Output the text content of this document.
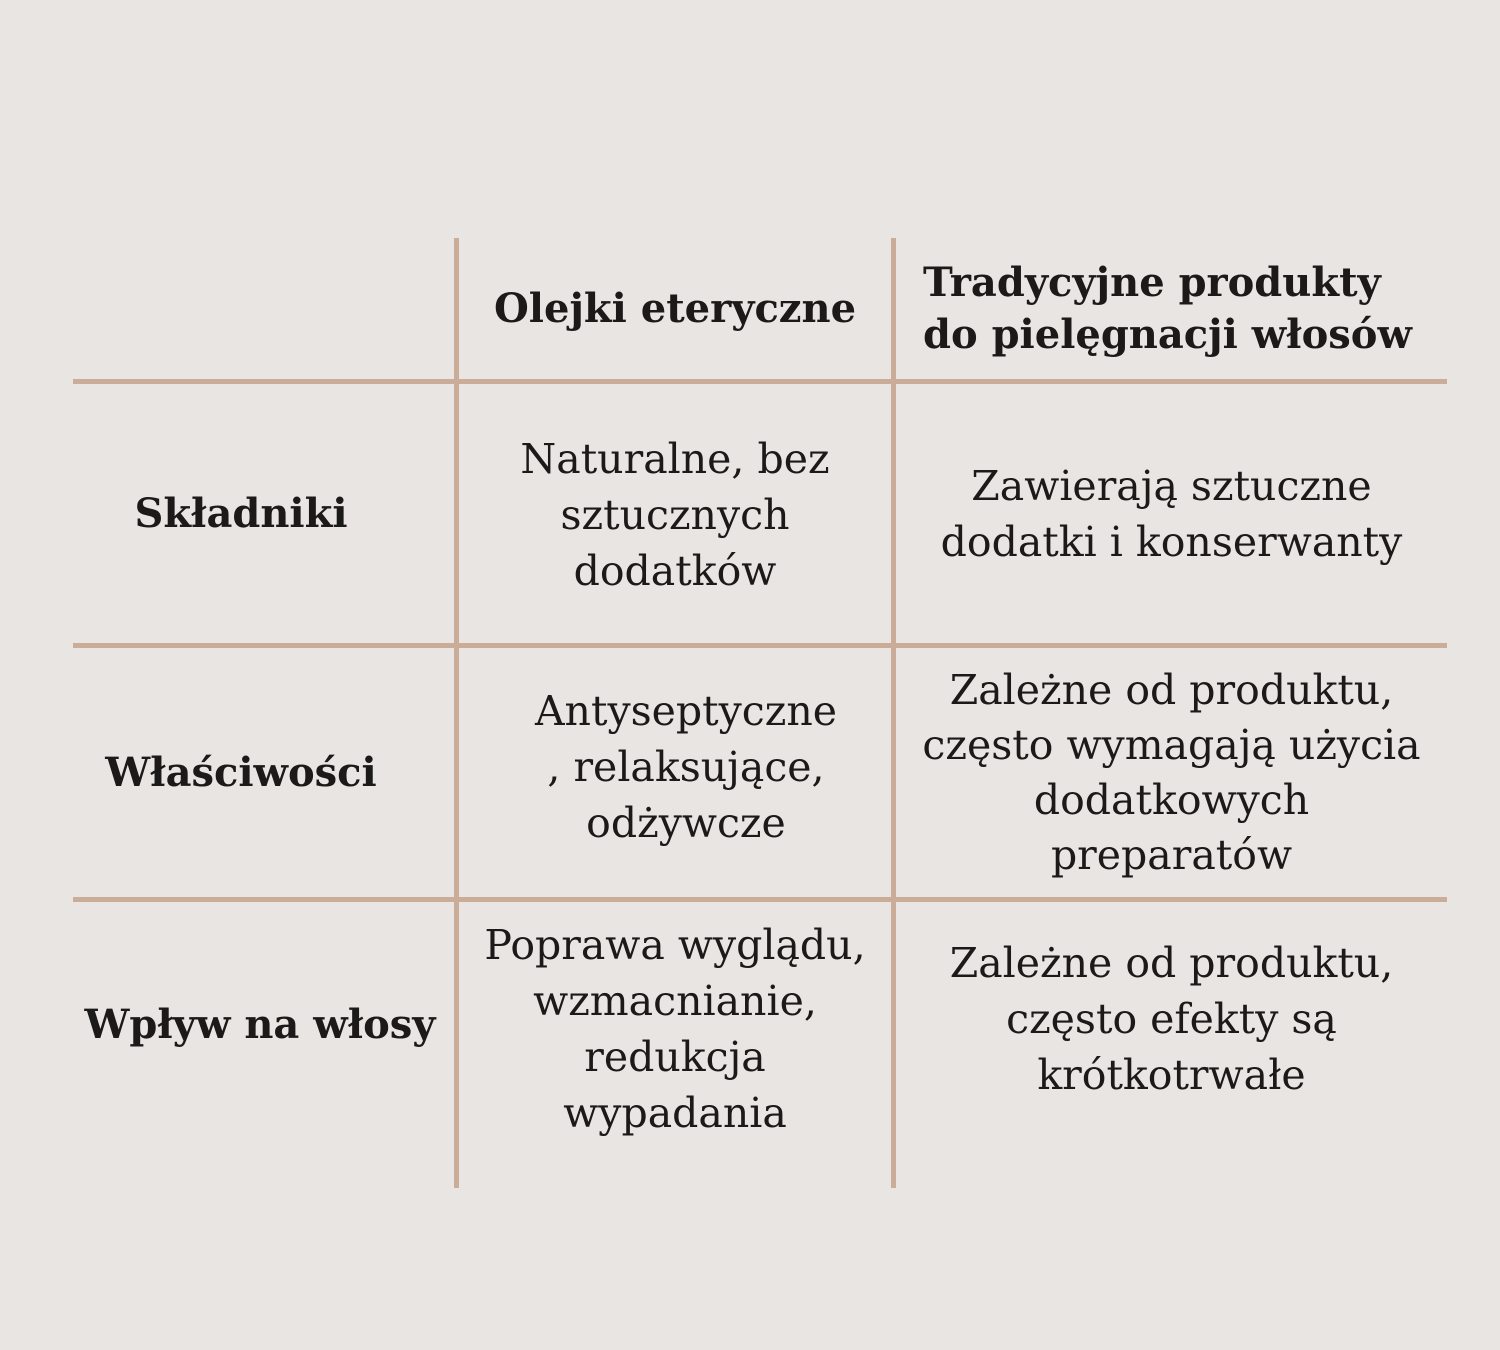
Olejki eteryczne
Tradycyjne produkty
do pielęgnacji włosów
Składniki
Naturalne, bez
sztucznych
dodatków
Zawierają sztuczne
dodatki i konserwanty
Właściwości
Antyseptyczne
, relaksujące,
odżywcze
Zależne od produktu,
często wymagają użycia
dodatkowych
preparatów
Wpływ na włosy
Poprawa wyglądu,
wzmacnianie,
redukcja
wypadania
Zależne od produktu,
często efekty są
krótkotrwałe
